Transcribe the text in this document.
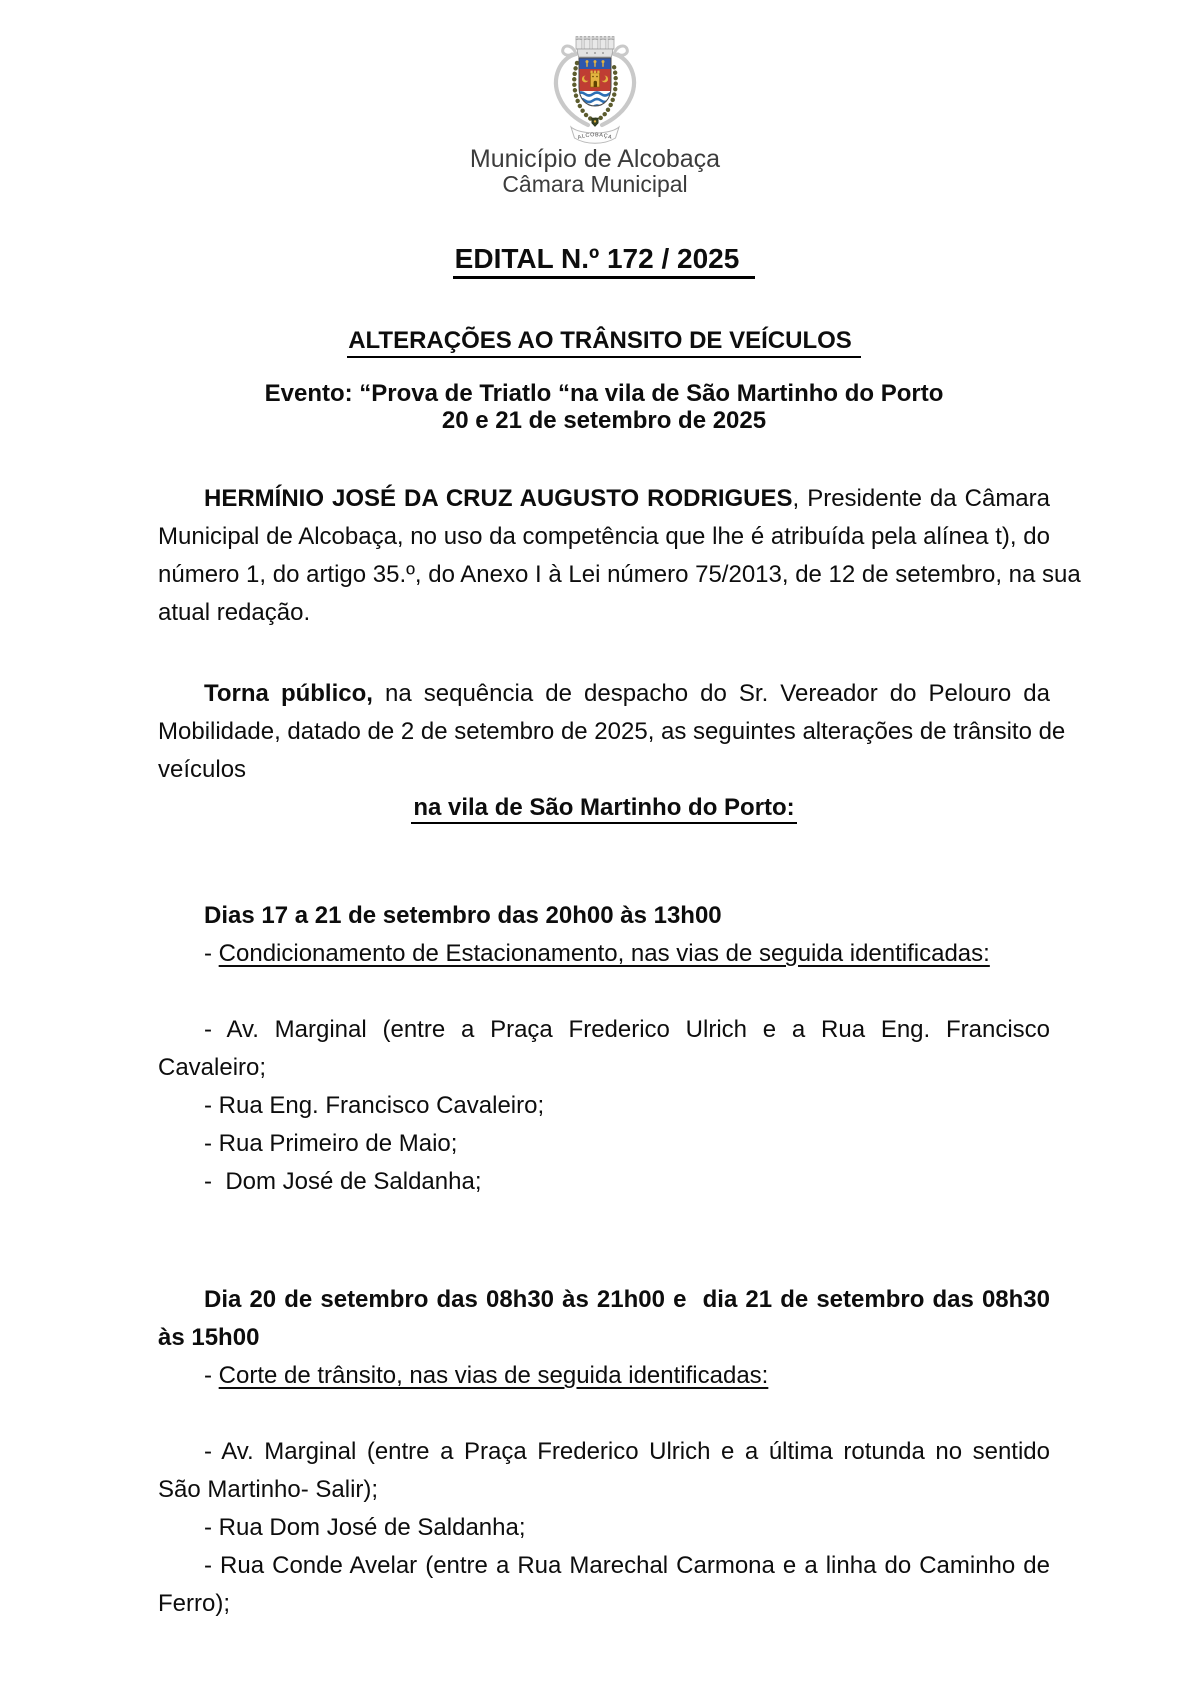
ALCOBAÇA
Município de Alcobaça
Câmara Municipal
EDITAL N.º 172 / 2025
ALTERAÇÕES AO TRÂNSITO DE VEÍCULOS
Evento: “Prova de Triatlo “na vila de São Martinho do Porto
20 e 21 de setembro de 2025
HERMÍNIO JOSÉ DA CRUZ AUGUSTO RODRIGUES, Presidente da Câmara
Municipal de Alcobaça, no uso da competência que lhe é atribuída pela alínea t), do
número 1, do artigo 35.º, do Anexo I à Lei número 75/2013, de 12 de setembro, na sua
atual redação.
Torna público, na sequência de despacho do Sr. Vereador do Pelouro da
Mobilidade, datado de 2 de setembro de 2025, as seguintes alterações de trânsito de
veículos
na vila de São Martinho do Porto:
Dias 17 a 21 de setembro das 20h00 às 13h00
- Condicionamento de Estacionamento, nas vias de seguida identificadas:
- Av. Marginal (entre a Praça Frederico Ulrich e a Rua Eng. Francisco
Cavaleiro;
- Rua Eng. Francisco Cavaleiro;
- Rua Primeiro de Maio;
-  Dom José de Saldanha;
Dia 20 de setembro das 08h30 às 21h00 e  dia 21 de setembro das 08h30
às 15h00
- Corte de trânsito, nas vias de seguida identificadas:
- Av. Marginal (entre a Praça Frederico Ulrich e a última rotunda no sentido
São Martinho- Salir);
- Rua Dom José de Saldanha;
- Rua Conde Avelar (entre a Rua Marechal Carmona e a linha do Caminho de
Ferro);
